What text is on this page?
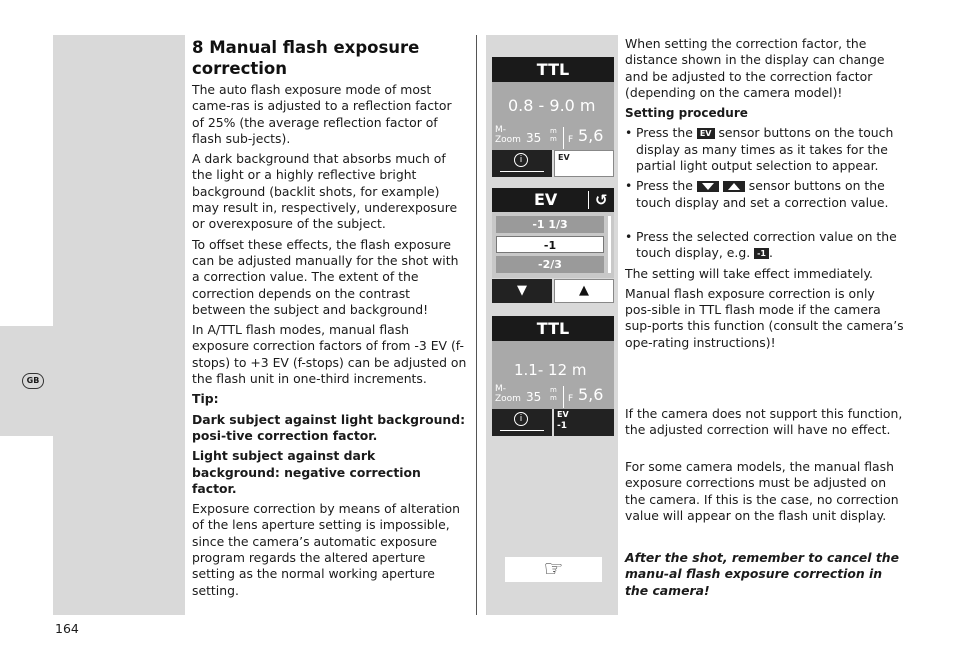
GB
8 Manual flash exposure correction

The auto flash exposure mode of most came-ras is adjusted to a reflection factor of 25% (the average reflection factor of flash sub-jects).

A dark background that absorbs much of the light or a highly reflective bright background (backlit shots, for example) may result in, respectively, underexposure or overexposure of the subject.

To offset these effects, the flash exposure can be adjusted manually for the shot with a correction value. The extent of the correction depends on the contrast between the subject and background!

In A/TTL flash modes, manual flash exposure correction factors of from -3 EV (f-stops) to +3 EV (f-stops) can be adjusted on the flash unit in one-third increments.

Tip:

Dark subject against light background: posi-tive correction factor.

Light subject against dark background: negative correction factor.

Exposure correction by means of alteration of the lens aperture setting is impossible, since the camera’s automatic exposure program regards the altered aperture setting as the normal working aperture setting.

TTL
0.8 - 9.0 m
M-
Zoom 35 m
m F 5,6
i	EV
EV	↺
-1 1/3
-1
-2/3
▼	▲
TTL
1.1- 12 m
M-
Zoom 35 m
m F 5,6
i	EV
-1
☞

When setting the correction factor, the distance shown in the display can change and be adjusted to the correction factor (depending on the camera model)!

Setting procedure

• Press the EV sensor buttons on the touch display as many times as it takes for the partial light output selection to appear.
• Press the
	sensor buttons on the touch display and set a correction value.
• Press the selected correction value on the touch display, e.g. -1 .

The setting will take effect immediately.

Manual flash exposure correction is only pos-sible in TTL flash mode if the camera sup-ports this function (consult the camera’s ope-rating instructions)!

If the camera does not support this function, the adjusted correction will have no effect.

For some camera models, the manual flash exposure corrections must be adjusted on the camera. If this is the case, no correction value will appear on the flash unit display.

After the shot, remember to cancel the manu-al flash exposure correction in the camera!

164
